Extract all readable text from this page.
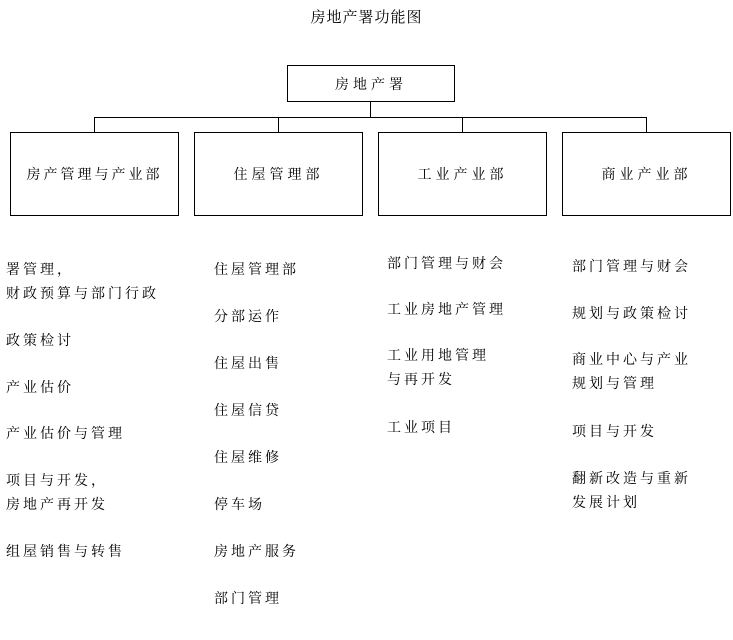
房地产署功能图
房地产署
房产管理与产业部	住屋管理部	工业产业部	商业产业部
署管理，
财政预算与部门行政
政策检讨
产业估价
产业估价与管理
项目与开发，
房地产再开发
组屋销售与转售
住屋管理部
分部运作
住屋出售
住屋信贷
住屋维修
停车场
房地产服务
部门管理
部门管理与财会
工业房地产管理
工业用地管理
与再开发
工业项目
部门管理与财会
规划与政策检讨
商业中心与产业
规划与管理
项目与开发
翻新改造与重新
发展计划
